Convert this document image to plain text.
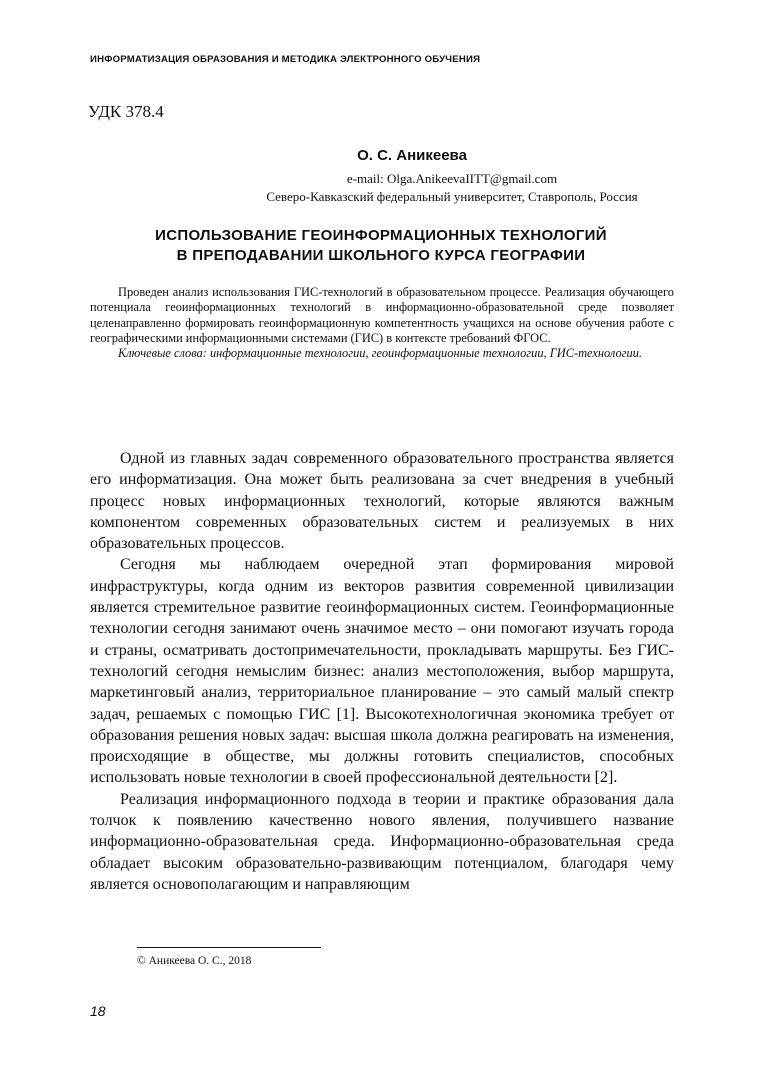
ИНФОРМАТИЗАЦИЯ ОБРАЗОВАНИЯ И МЕТОДИКА ЭЛЕКТРОННОГО ОБУЧЕНИЯ
УДК 378.4
О. С. Аникеева
e-mail: Olga.AnikeevaIITT@gmail.com
Северо-Кавказский федеральный университет, Ставрополь, Россия
ИСПОЛЬЗОВАНИЕ ГЕОИНФОРМАЦИОННЫХ ТЕХНОЛОГИЙ
В ПРЕПОДАВАНИИ ШКОЛЬНОГО КУРСА ГЕОГРАФИИ

Проведен анализ использования ГИС-технологий в образовательном процессе. Реализация обучающего потенциала геоинформационных технологий в информационно-образовательной среде позволяет целенаправленно формировать геоинформационную компетентность учащихся на основе обучения работе с географическими информационными системами (ГИС) в контексте требований ФГОС.

Ключевые слова: информационные технологии, геоинформационные технологии, ГИС-технологии.

Одной из главных задач современного образовательного пространства является его информатизация. Она может быть реализована за счет внедрения в учебный процесс новых информационных технологий, которые являются важным компонентом современных образовательных систем и реализуемых в них образовательных процессов.

Сегодня мы наблюдаем очередной этап формирования мировой инфраструктуры, когда одним из векторов развития современной цивилизации является стремительное развитие геоинформационных систем. Геоинформационные технологии сегодня занимают очень значимое место – они помогают изучать города и страны, осматривать достопримечательности, прокладывать маршруты. Без ГИС-технологий сегодня немыслим бизнес: анализ местоположения, выбор маршрута, маркетинговый анализ, территориальное планирование – это самый малый спектр задач, решаемых с помощью ГИС [1]. Высокотехнологичная экономика требует от образования решения новых задач: высшая школа должна реагировать на изменения, происходящие в обществе, мы должны готовить специалистов, способных использовать новые технологии в своей профессиональной деятельности [2].

Реализация информационного подхода в теории и практике образования дала толчок к появлению качественно нового явления, получившего название информационно-образовательная среда. Информационно-образовательная среда обладает высоким образовательно-развивающим потенциалом, благодаря чему является основополагающим и направляющим

© Аникеева О. С., 2018
18
